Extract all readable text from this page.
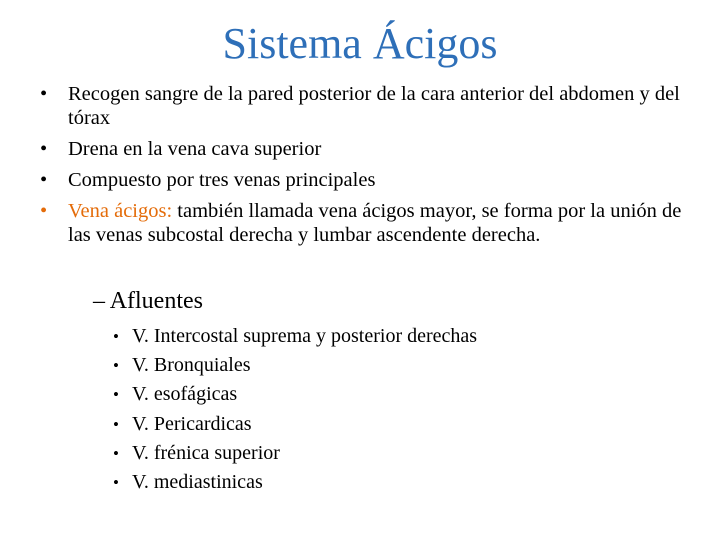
Sistema Ácigos
• Recogen sangre de la pared posterior de la cara anterior del abdomen y del tórax
• Drena en la vena cava superior
• Compuesto por tres venas principales
• Vena ácigos: también llamada vena ácigos mayor, se forma por la unión de las venas subcostal derecha y lumbar ascendente derecha.
– Afluentes
• V. Intercostal suprema y posterior derechas
• V. Bronquiales
• V. esofágicas
• V. Pericardicas
• V. frénica superior
• V. mediastinicas
